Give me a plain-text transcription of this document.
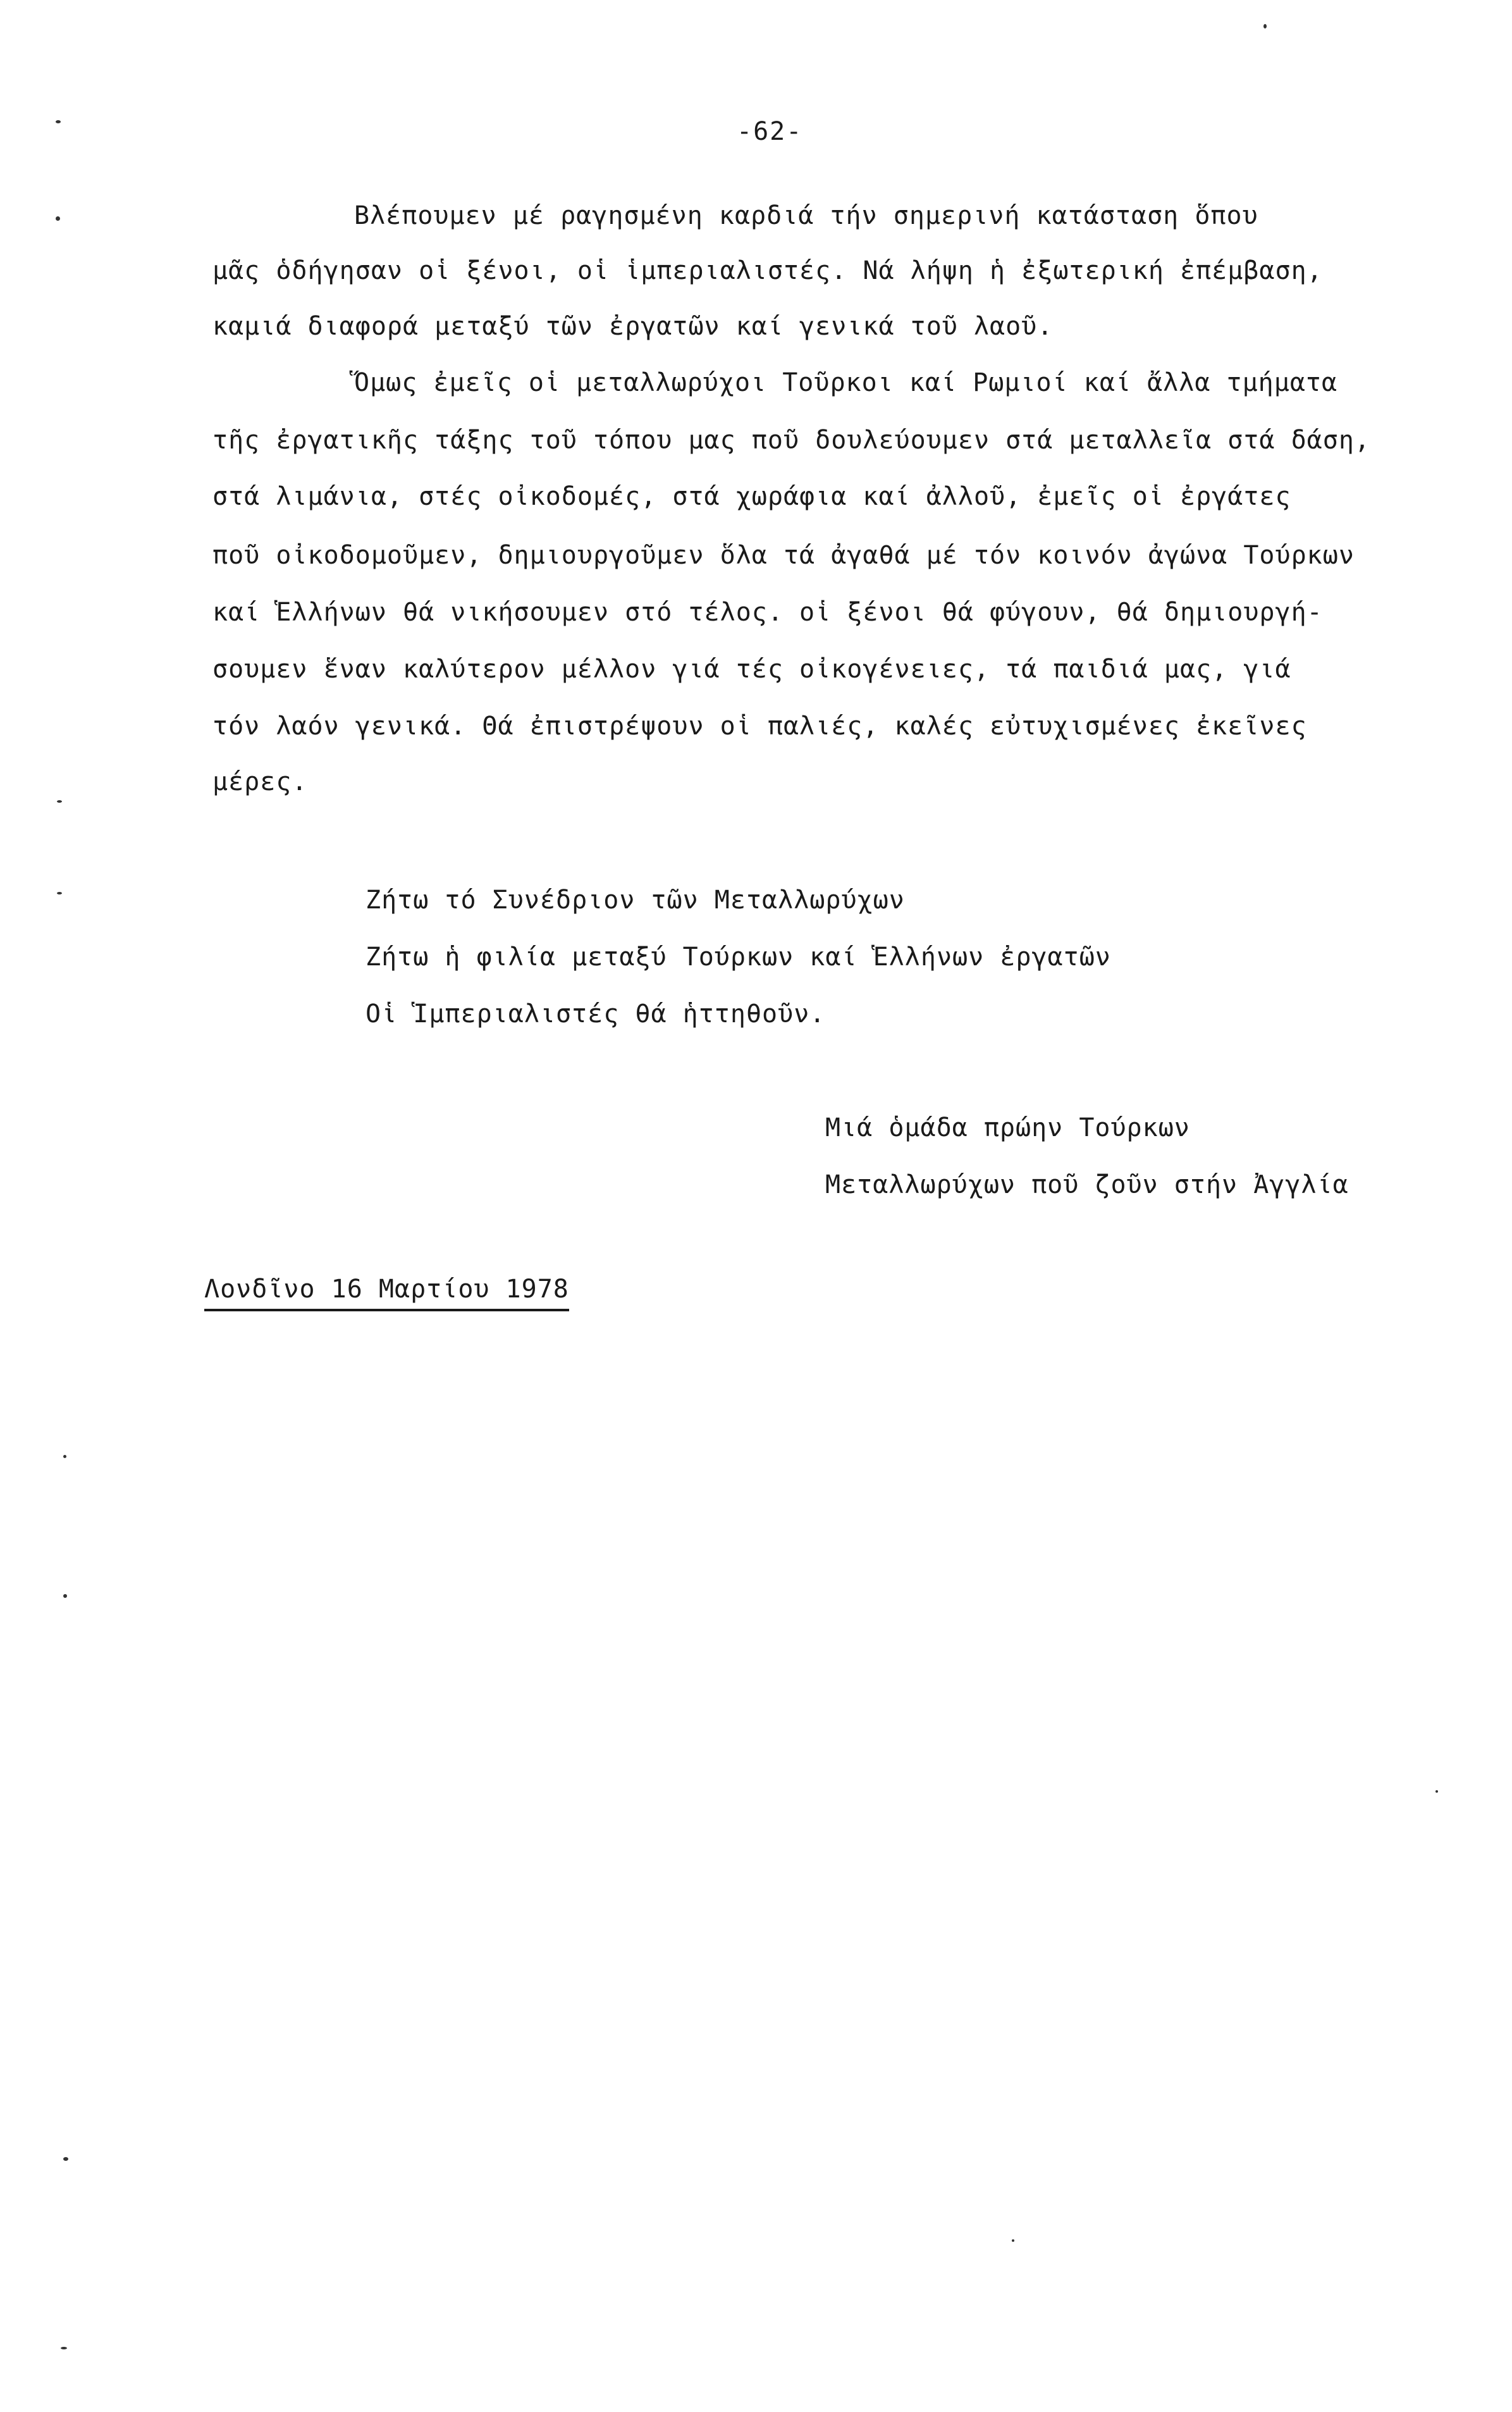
-62-
Βλέπουμεν μέ ραγησμένη καρδιά τήν σημερινή κατάσταση ὅπου
μᾶς ὁδήγησαν οἱ ξένοι, οἱ ἱμπεριαλιστές. Νά λήψη ἡ ἐξωτερική ἐπέμβαση,
καμιά διαφορά μεταξύ τῶν ἐργατῶν καί γενικά τοῦ λαοῦ.
Ὅμως ἐμεῖς οἱ μεταλλωρύχοι Τοῦρκοι καί Ρωμιοί καί ἄλλα τμήματα
τῆς ἐργατικῆς τάξης τοῦ τόπου μας ποῦ δουλεύουμεν στά μεταλλεῖα στά δάση,
στά λιμάνια, στές οἰκοδομές, στά χωράφια καί ἀλλοῦ, ἐμεῖς οἱ ἐργάτες
ποῦ οἰκοδομοῦμεν, δημιουργοῦμεν ὅλα τά ἀγαθά μέ τόν κοινόν ἀγώνα Τούρκων
καί Ἑλλήνων θά νικήσουμεν στό τέλος. οἱ ξένοι θά φύγουν, θά δημιουργή-
σουμεν ἕναν καλύτερον μέλλον γιά τές οἰκογένειες, τά παιδιά μας, γιά
τόν λαόν γενικά. Θά ἐπιστρέψουν οἱ παλιές, καλές εὐτυχισμένες ἐκεῖνες
μέρες.
Ζήτω τό Συνέδριον τῶν Μεταλλωρύχων
Ζήτω ἡ φιλία μεταξύ Τούρκων καί Ἑλλήνων ἐργατῶν
Οἱ Ἱμπεριαλιστές θά ἡττηθοῦν.
Μιά ὁμάδα πρώην Τούρκων
Μεταλλωρύχων ποῦ ζοῦν στήν Ἀγγλία
Λονδῖνο 16 Μαρτίου 1978
